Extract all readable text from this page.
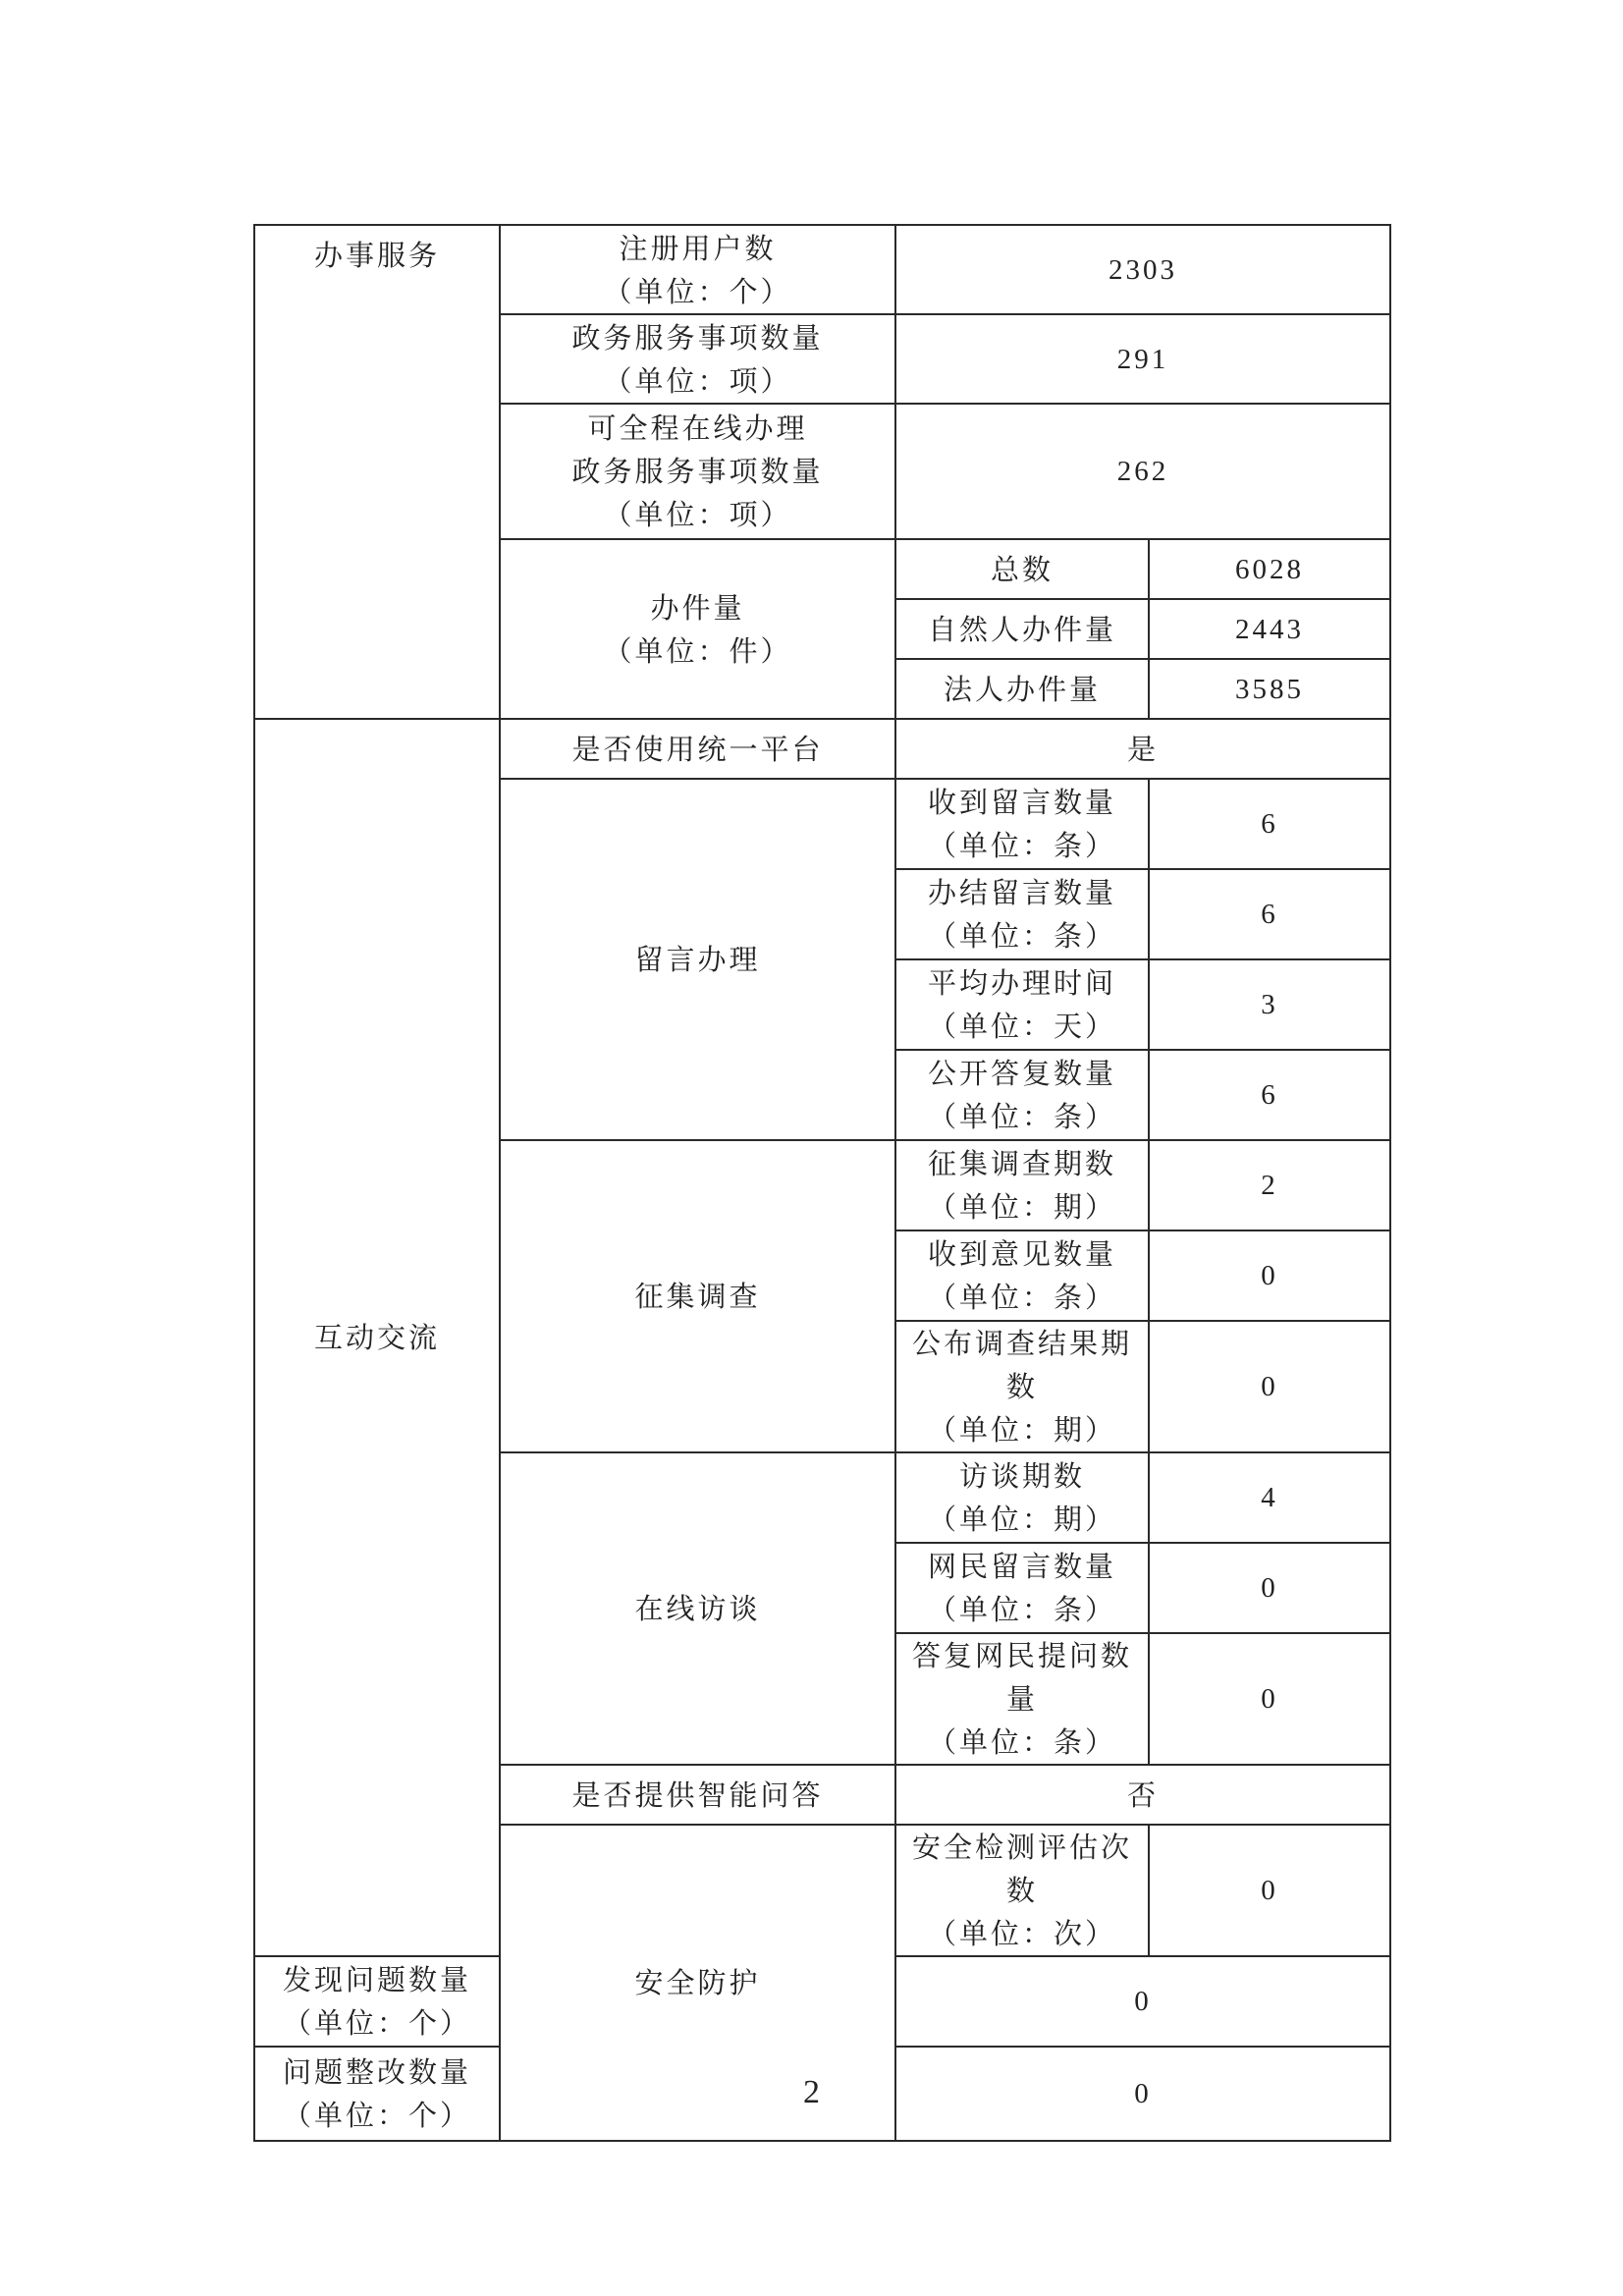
办事服务	注册用户数
（单位：个）	2303	

	政务服务事项数量
（单位：项）	291	

	可全程在线办理
政务服务事项数量
（单位：项）	262	

	办件量
（单位：件）	总数	6028
		自然人办件量	2443
		法人办件量	3585

互动交流	是否使用统一平台	是	
	留言办理	收到留言数量
（单位：条）	6

		办结留言数量
（单位：条）	6

		平均办理时间
（单位：天）	3

		公开答复数量
（单位：条）	6
	征集调查	征集调查期数
（单位：期）	2

		收到意见数量
（单位：条）	0

		公布调查结果期数
（单位：期）	0
	在线访谈	访谈期数
（单位：期）	4

		网民留言数量
（单位：条）	0

		答复网民提问数量
（单位：条）	0
	是否提供智能问答	否	
	安全防护	安全检测评估次数
（单位：次）	0

发现问题数量
（单位：个）		0	

问题整改数量
（单位：个）		0	
2
